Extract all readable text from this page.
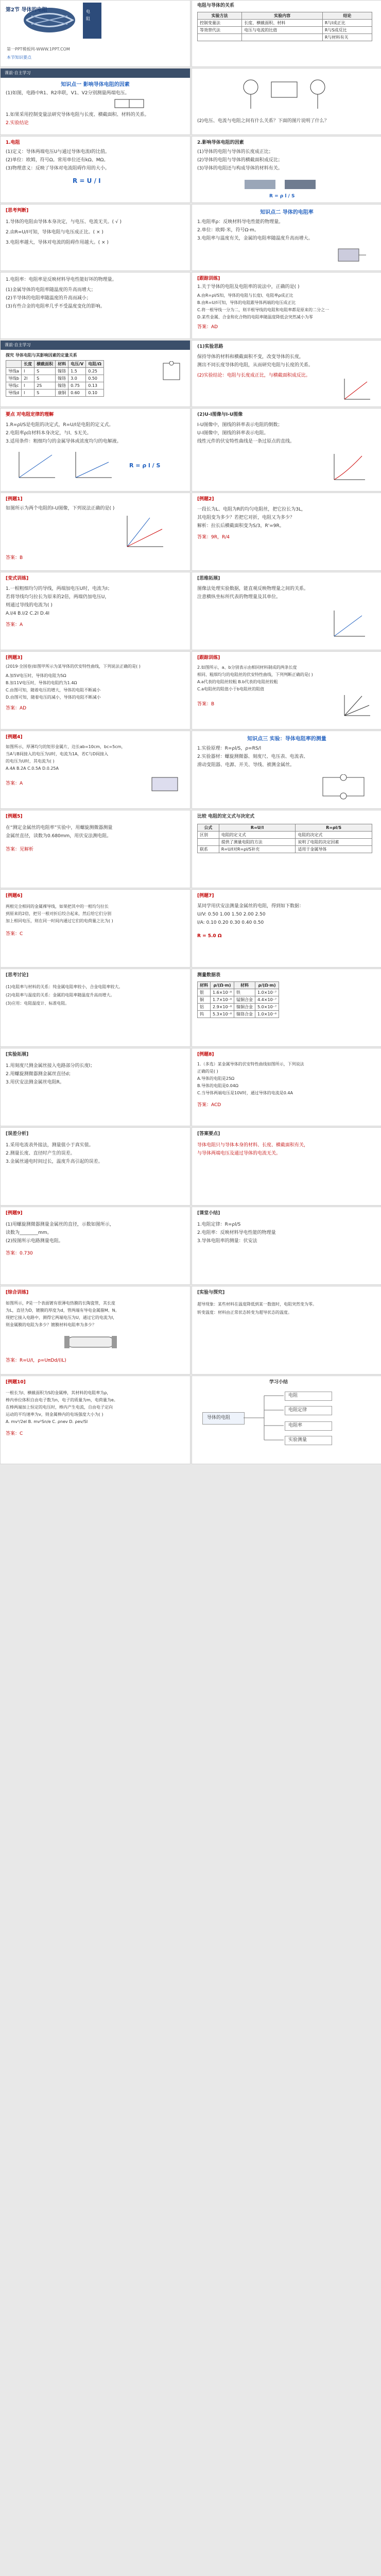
电
阻
第2节 导体的电阻
第一PPT模板网-WWW.1PPT.COM
本节知识要点
电阻与导体的关系
实验方法	实验内容	结论
控制变量法	长度、横截面积、材料	R与l成正比
等效替代法	电压与电流的比值	R与S成反比
		R与材料有关
课前·自主学习
知识点一 影响导体电阻的因素
(1)如图，电路中R1、R2串联，V1、V2分别测量两端电压。
1.如果采用控制变量法研究导体电阻与长度、横截面积、材料的关系。
2.实验结论	(2)电压、电流与电阻之间有什么关系？下面的图片说明了什么？
1.电阻
(1)定义：导体两端电压U与通过导体电流I的比值。
(2)单位：欧姆，符号Ω。常用单位还有kΩ、MΩ。
(3)物理意义：反映了导体对电流阻碍作用的大小。
R = U / I
2.影响导体电阻的因素
(1)导体的电阻与导体的长度成正比；
(2)导体的电阻与导体的横截面积成反比；
(3)导体的电阻还与构成导体的材料有关。
R = ρ l / S
[思考判断]
1.导体的电阻由导体本身决定，与电压、电流无关。( √ )
2.由R=U/I可知，导体电阻与电压成正比。( × )
3.电阻率越大，导体对电流的阻碍作用越大。( × )
知识点二 导体的电阻率
1.电阻率ρ：反映材料导电性能的物理量。
2.单位：欧姆·米，符号Ω·m。
3.电阻率与温度有关，金属的电阻率随温度升高而增大。
1.电阻率：电阻率是反映材料导电性能好坏的物理量。
(1)金属导体的电阻率随温度的升高而增大；
(2)半导体的电阻率随温度的升高而减小；
(3)有些合金的电阻率几乎不受温度变化的影响。
[跟踪训练]
1.关于导体的电阻及电阻率的说法中，正确的是( )
A.由R=ρl/S知，导体的电阻与长度l、电阻率ρ成正比
B.由R=U/I可知，导体的电阻跟导体两端的电压成正比
C.将一根导线一分为二，则半根导线的电阻和电阻率都是原来的二分之一
D.某些金属、合金和化合物的电阻率随温度降低会突然减小为零
答案：AD
课前·自主学习
探究 导体电阻与其影响因素的定量关系
	长度	横截面积	材料	电压/V	电阻/Ω
导线a	l	S	镍铬	1.5	0.25
导线b	2l	S	镍铬	3.0	0.50
导线c	l	2S	镍铬	0.75	0.13
导线d	l	S	康铜	0.60	0.10
(1)实验思路
保持导体的材料和横截面积不变，改变导体的长度，
测出不同长度导体的电阻，从而研究电阻与长度的关系。
(2)实验结论：电阻与长度成正比，与横截面积成反比。
要点 对电阻定律的理解
1.R=ρl/S是电阻的决定式，R=U/I是电阻的定义式。
2.电阻率ρ由材料本身决定，与l、S无关。
3.适用条件：粗细均匀的金属导体或浓度均匀的电解液。
R = ρ l / S
(2)U-I图像与I-U图像
I-U图像中，图线的斜率表示电阻的倒数；
U-I图像中，图线的斜率表示电阻。
线性元件的伏安特性曲线是一条过原点的直线。
[例题1]
如图所示为两个电阻的I-U图像，下列说法正确的是( )
答案：B
[例题2]
一段长为L、电阻为R的均匀电阻丝，把它拉长为3L，
其电阻变为多少？若把它对折，电阻又为多少？
解析：拉长后横截面积变为S/3，R'=9R。
答案：9R，R/4
[变式训练]
1.一根粗细均匀的导线，两端加电压U时，电流为I；
若将导线均匀拉长为原来的2倍，两端仍加电压U，
则通过导线的电流为( )
A.I/4 B.I/2 C.2I D.4I
答案：A
[思维拓展]
图像法处理实验数据，能直观反映物理量之间的关系。
注意横纵坐标所代表的物理量及其单位。
[例题3]
(2019·全国卷)如图甲所示为某导体的伏安特性曲线，下列说法正确的是( )
A.加5V电压时，导体的电阻为5Ω
B.加11V电压时，导体的电阻约为1.4Ω
C.由图可知，随着电压的增大，导体的电阻不断减小
D.由图可知，随着电压的减小，导体的电阻不断减小
答案：AD
[跟踪训练]
2.如图所示，a、b分别表示由相同材料制成的两条长度
相同、粗细均匀的电阻丝的伏安特性曲线，下列判断正确的是( )
A.a代表的电阻丝较粗 B.b代表的电阻丝较粗
C.a电阻丝的阻值小于b电阻丝的阻值
答案：B
[例题4]
如图所示，厚薄均匀的矩形金属片，边长ab=10cm，bc=5cm，
当A与B间接入的电压为U时，电流为1A，若C与D间接入
的电压为U时，其电流为( )
A.4A B.2A C.0.5A D.0.25A
答案：A
知识点三 实验：导体电阻率的测量
1.实验原理：R=ρl/S，ρ=RS/l
2.实验器材：螺旋测微器、刻度尺、电压表、电流表、
滑动变阻器、电源、开关、导线、被测金属丝。
[例题5]
在“测定金属丝的电阻率”实验中，用螺旋测微器测量
金属丝直径，读数为0.680mm，用伏安法测电阻。
答案：见解析
比较 电阻的定义式与决定式
公式	R=U/I	R=ρl/S
区别	电阻的定义式	电阻的决定式
	提供了测量电阻的方法	说明了电阻的决定因素
联系	R=U/I对R=ρl/S补充	适用于金属导体
[例题6]
两根完全相同的金属裸导线，如果把其中的一根均匀拉长
到原来的2倍，把另一根对折后绞合起来，然后给它们分别
加上相同电压，则在同一时间内通过它们的电荷量之比为( )
答案：C
[例题7]
某同学用伏安法测量金属丝的电阻，得到如下数据：
U/V: 0.50 1.00 1.50 2.00 2.50
I/A: 0.10 0.20 0.30 0.40 0.50
R = 5.0 Ω
[思考讨论]
(1)电阻率与材料的关系：纯金属电阻率较小，合金电阻率较大。
(2)电阻率与温度的关系：金属的电阻率随温度升高而增大。
(3)应用：电阻温度计、标准电阻。
测量数据表
材料	ρ/(Ω·m)	材料	ρ/(Ω·m)
银	1.6×10⁻⁸	铁	1.0×10⁻⁷
铜	1.7×10⁻⁸	锰铜合金	4.4×10⁻⁷
铝	2.9×10⁻⁸	镍铜合金	5.0×10⁻⁷
钨	5.3×10⁻⁸	镍铬合金	1.0×10⁻⁶
[实验拓展]
1.用刻度尺测金属丝接入电路部分的长度l；
2.用螺旋测微器测金属丝直径d；
3.用伏安法测金属丝电阻R。
[例题8]
1.（多选）某金属导体的伏安特性曲线如图所示，下列说法
正确的是( )
A.导体的电阻是25Ω
B.导体的电阻是0.04Ω
C.当导体两端电压是10V时，通过导体的电流是0.4A
答案：ACD
[误差分析]
1.采用电流表外接法，测量值小于真实值。
2.测量长度、直径时产生的误差。
3.金属丝通电时间过长，温度升高引起的误差。
[答案要点]
导体电阻只与导体本身的材料、长度、横截面积有关，
与导体两端电压及通过导体的电流无关。
[例题9]
(1)用螺旋测微器测量金属丝的直径，示数如图所示，
读数为________mm。
(2)按图所示电路测量电阻。
答案：0.730
[课堂小结]
1.电阻定律：R=ρl/S
2.电阻率：反映材料导电性能的物理量
3.导体电阻率的测量：伏安法
[综合训练]
如图所示，P是一个表面镀有很薄电热膜的长陶瓷管，其长度
为L，直径为D，镀膜的厚度为d，管两端有导电金属箍M、N。
现把它接入电路中，测得它两端电压为U，通过它的电流为I，
则金属膜的电阻为多少？镀膜材料电阻率为多少？
答案：R=U/I，ρ=UπDd/(IL)
[实验与探究]
超导现象：某些材料在温度降低到某一数值时，电阻突然变为零。
转变温度：材料由正常状态转变为超导状态的温度。
[例题10]
一根长为l、横截面积为S的金属棒，其材料的电阻率为ρ，
棒内单位体积自由电子数为n，电子的质量为m，电荷量为e。
在棒两端加上恒定的电压时，棒内产生电流，自由电子定向
运动的平均速率为v，则金属棒内的电场强度大小为( )
A. mv²/2el B. mv²Sn/e C. ρnev D. ρev/Sl
答案：C
学习小结
导体的电阻
电阻
电阻定律
电阻率
实验测量
